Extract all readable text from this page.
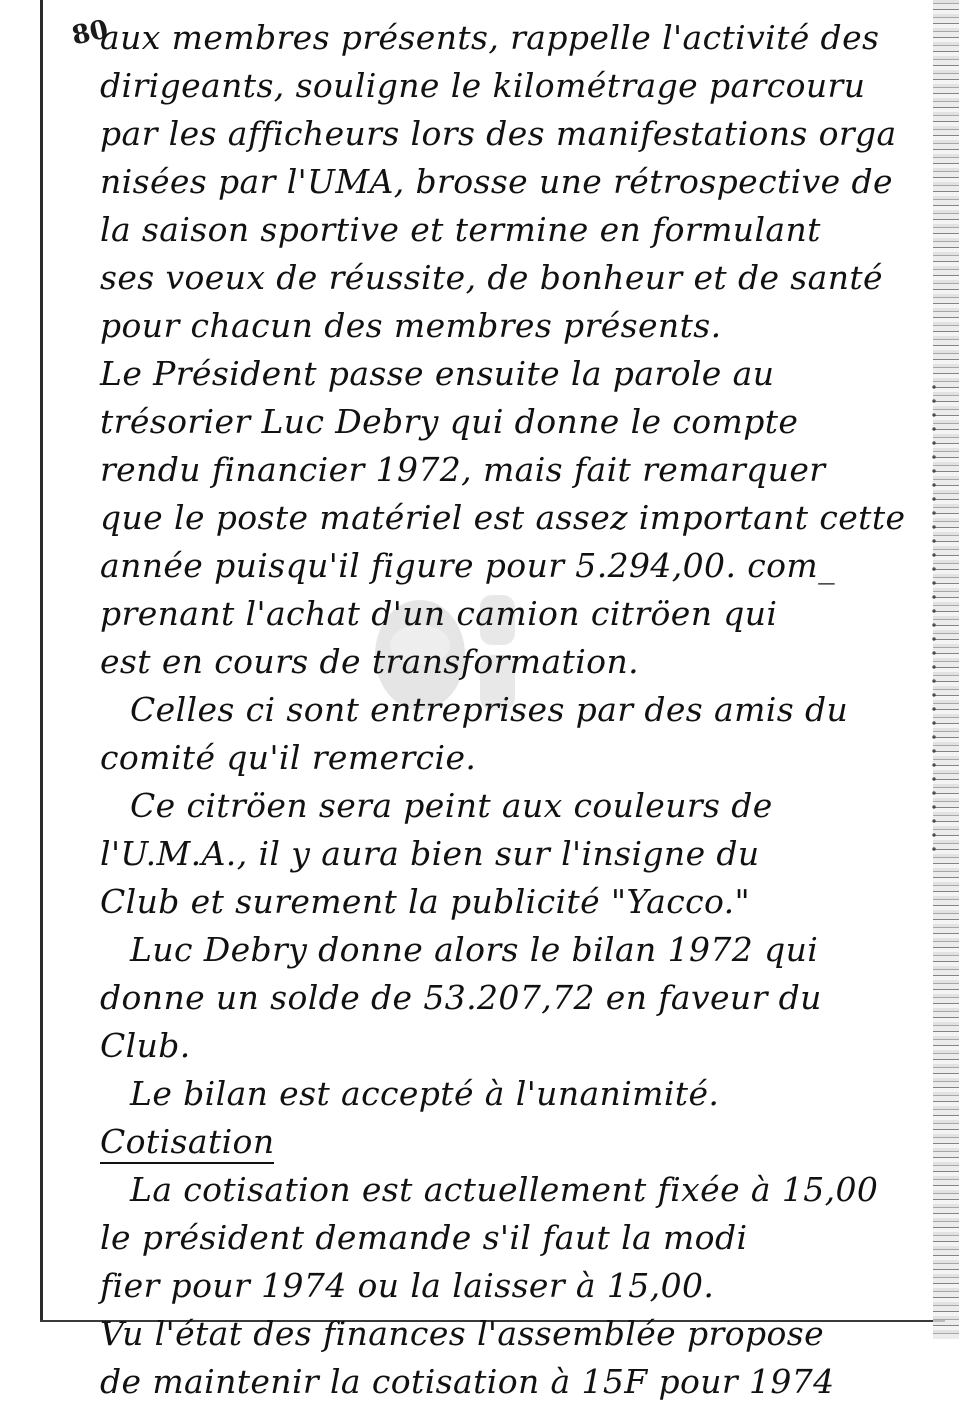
80
aux membres présents, rappelle l'activité des
dirigeants, souligne le kilométrage parcouru
par les afficheurs lors des manifestations orga
nisées par l'UMA, brosse une rétrospective de
la saison sportive et termine en formulant
ses voeux de réussite, de bonheur et de santé
pour chacun des membres présents.
Le Président passe ensuite la parole au
trésorier Luc Debry qui donne le compte
rendu financier 1972, mais fait remarquer
que le poste matériel est assez important cette
année puisqu'il figure pour 5.294,00. com_
prenant l'achat d'un camion citröen qui
est en cours de transformation.
Celles ci sont entreprises par des amis du
comité qu'il remercie.
Ce citröen sera peint aux couleurs de
l'U.M.A., il y aura bien sur l'insigne du
Club et surement la publicité "Yacco."
Luc Debry donne alors le bilan 1972 qui
donne un solde de 53.207,72 en faveur du
Club.
Le bilan est accepté à l'unanimité.
Cotisation
La cotisation est actuellement fixée à 15,00
le président demande s'il faut la modi
fier pour 1974 ou la laisser à 15,00.
Vu l'état des finances l'assemblée propose
de maintenir la cotisation à 15F pour 1974
